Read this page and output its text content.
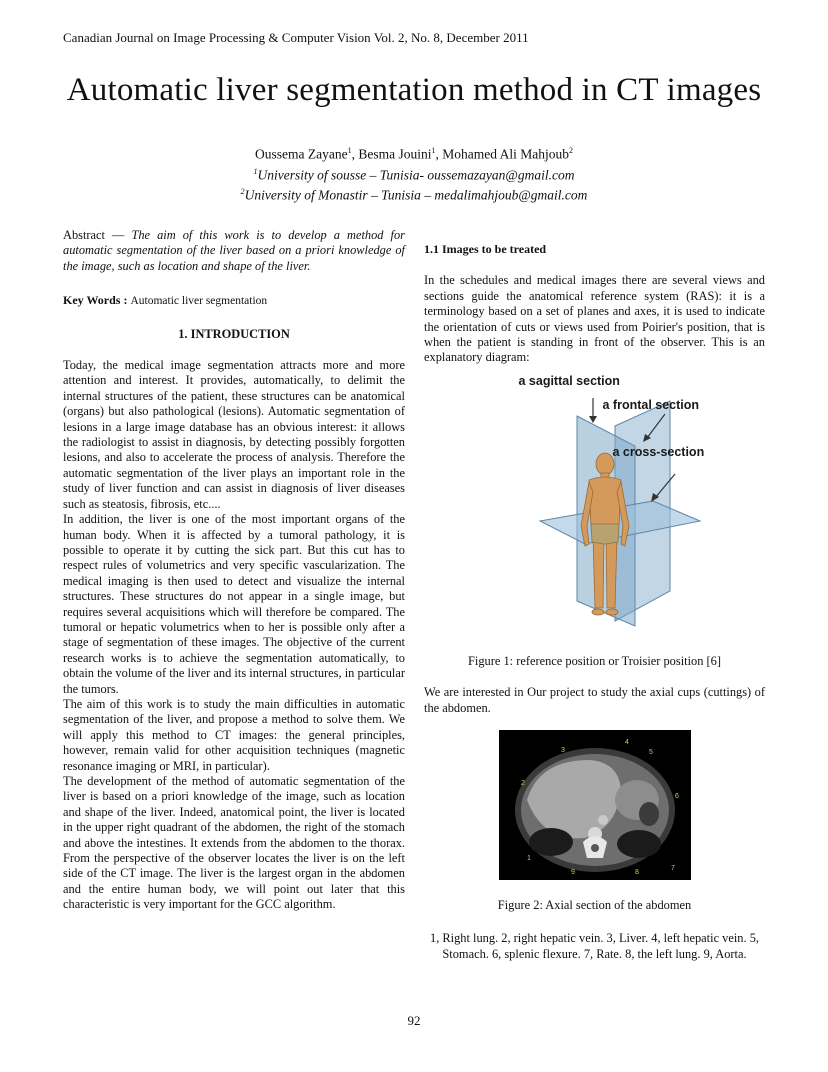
Canadian Journal on Image Processing & Computer Vision Vol. 2, No. 8, December 2011
Automatic liver segmentation method in CT images
Oussema Zayane$^1$, Besma Jouini$^1$, Mohamed Ali Mahjoub$^2$
$^1$University of sousse – Tunisia- oussemazayan@gmail.com
$^2$University of Monastir – Tunisia – medalimahjoub@gmail.com

Abstract — The aim of this work is to develop a method for automatic segmentation of the liver based on a priori knowledge of the image, such as location and shape of the liver.

Key Words : Automatic liver segmentation

1. INTRODUCTION

Today, the medical image segmentation attracts more and more attention and interest. It provides, automatically, to delimit the internal structures of the patient, these structures can be anatomical (organs) but also pathological (lesions). Automatic segmentation of lesions in a large image database has an obvious interest: it allows the radiologist to assist in diagnosis, by detecting possibly forgotten lesions, and also to accelerate the process of analysis. Therefore the automatic segmentation of the liver plays an important role in the study of liver function and can assist in diagnosis of liver diseases such as steatosis, fibrosis, etc....

In addition, the liver is one of the most important organs of the human body. When it is affected by a tumoral pathology, it is possible to operate it by cutting the sick part. But this cut has to respect rules of volumetrics and very specific vascularization. The medical imaging is then used to detect and visualize the internal structures. These structures do not appear in a single image, but requires several acquisitions which will therefore be compared. The tumoral or hepatic volumetrics when to her is possible only after a stage of segmentation of these images. The objective of the current research works is to achieve the segmentation automatically, to obtain the volume of the liver and its internal structures, in particular the tumors.

The aim of this work is to study the main difficulties in automatic segmentation of the liver, and propose a method to solve them. We will apply this method to CT images: the general principles, however, remain valid for other acquisition techniques (magnetic resonance imaging or MRI, in particular).

The development of the method of automatic segmentation of the liver is based on a priori knowledge of the image, such as location and shape of the liver. Indeed, anatomical point, the liver is located in the upper right quadrant of the abdomen, the right of the stomach and above the intestines. It extends from the abdomen to the thorax. From the perspective of the observer locates the liver is on the left side of the CT image. The liver is the largest organ in the abdomen and the entire human body, we will point out later that this characteristic is very important for the GCC algorithm.

1.1 Images to be treated

In the schedules and medical images there are several views and sections guide the anatomical reference system (RAS): it is a terminology based on a set of planes and axes, it is used to indicate the orientation of cuts or views used from Poirier's position, that is when the patient is standing in front of the observer. This is an explanatory diagram:

a sagittal section
a frontal section
a cross-section

Figure 1: reference position or Troisier position [6]

We are interested in Our project to study the axial cups (cuttings) of the abdomen.

1
2
3
4
5
6
7
8
9

Figure 2: Axial section of the abdomen

1, Right lung. 2, right hepatic vein. 3, Liver. 4, left hepatic vein. 5, Stomach. 6, splenic flexure. 7, Rate. 8, the left lung. 9, Aorta.

92
